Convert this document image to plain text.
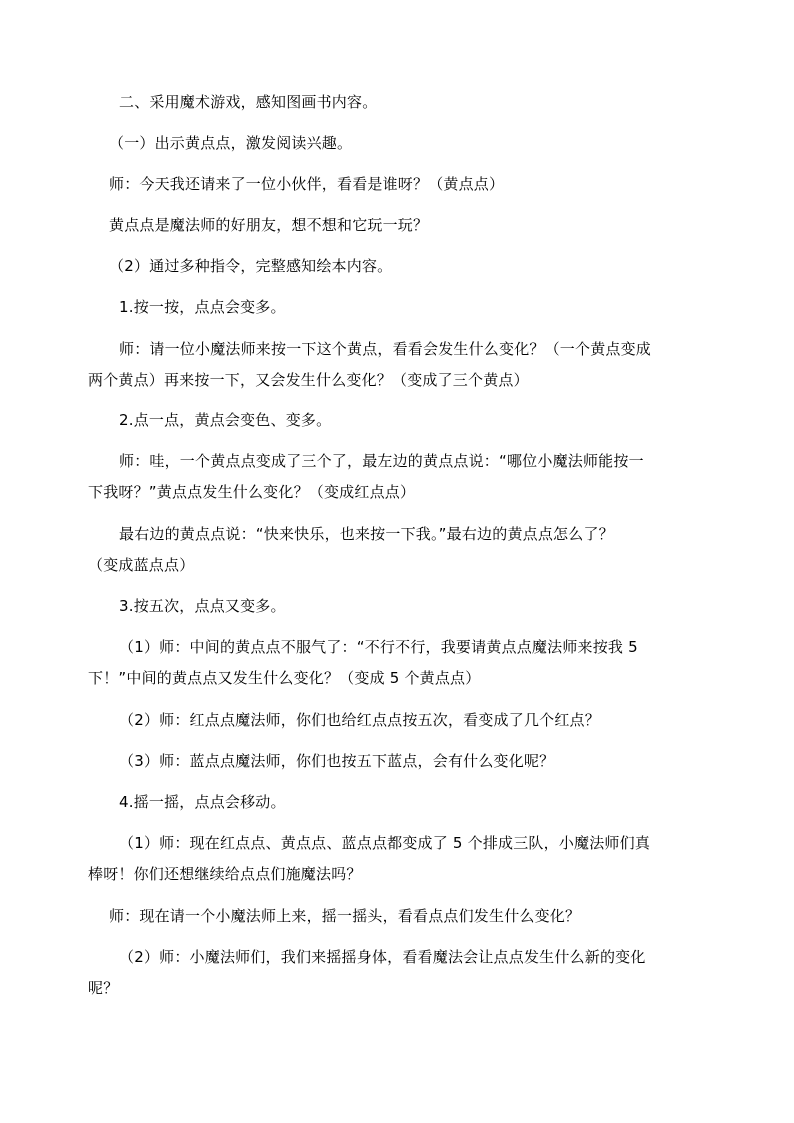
二、采用魔术游戏，感知图画书内容。
（一）出示黄点点，激发阅读兴趣。
师：今天我还请来了一位小伙伴，看看是谁呀？（黄点点）
黄点点是魔法师的好朋友，想不想和它玩一玩？
（2）通过多种指令，完整感知绘本内容。
1.按一按，点点会变多。
师：请一位小魔法师来按一下这个黄点，看看会发生什么变化？（一个黄点变成
两个黄点）再来按一下，又会发生什么变化？（变成了三个黄点）
2.点一点，黄点会变色、变多。
师：哇，一个黄点点变成了三个了，最左边的黄点点说：“哪位小魔法师能按一
下我呀？”黄点点发生什么变化？（变成红点点）
最右边的黄点点说：“快来快乐，也来按一下我。”最右边的黄点点怎么了？
（变成蓝点点）
3.按五次，点点又变多。
（1）师：中间的黄点点不服气了：“不行不行，我要请黄点点魔法师来按我 5
下！”中间的黄点点又发生什么变化？（变成 5 个黄点点）
（2）师：红点点魔法师，你们也给红点点按五次，看变成了几个红点？
（3）师：蓝点点魔法师，你们也按五下蓝点，会有什么变化呢？
4.摇一摇，点点会移动。
（1）师：现在红点点、黄点点、蓝点点都变成了 5 个排成三队，小魔法师们真
棒呀！你们还想继续给点点们施魔法吗？
师：现在请一个小魔法师上来，摇一摇头，看看点点们发生什么变化？
（2）师：小魔法师们，我们来摇摇身体，看看魔法会让点点发生什么新的变化
呢？
